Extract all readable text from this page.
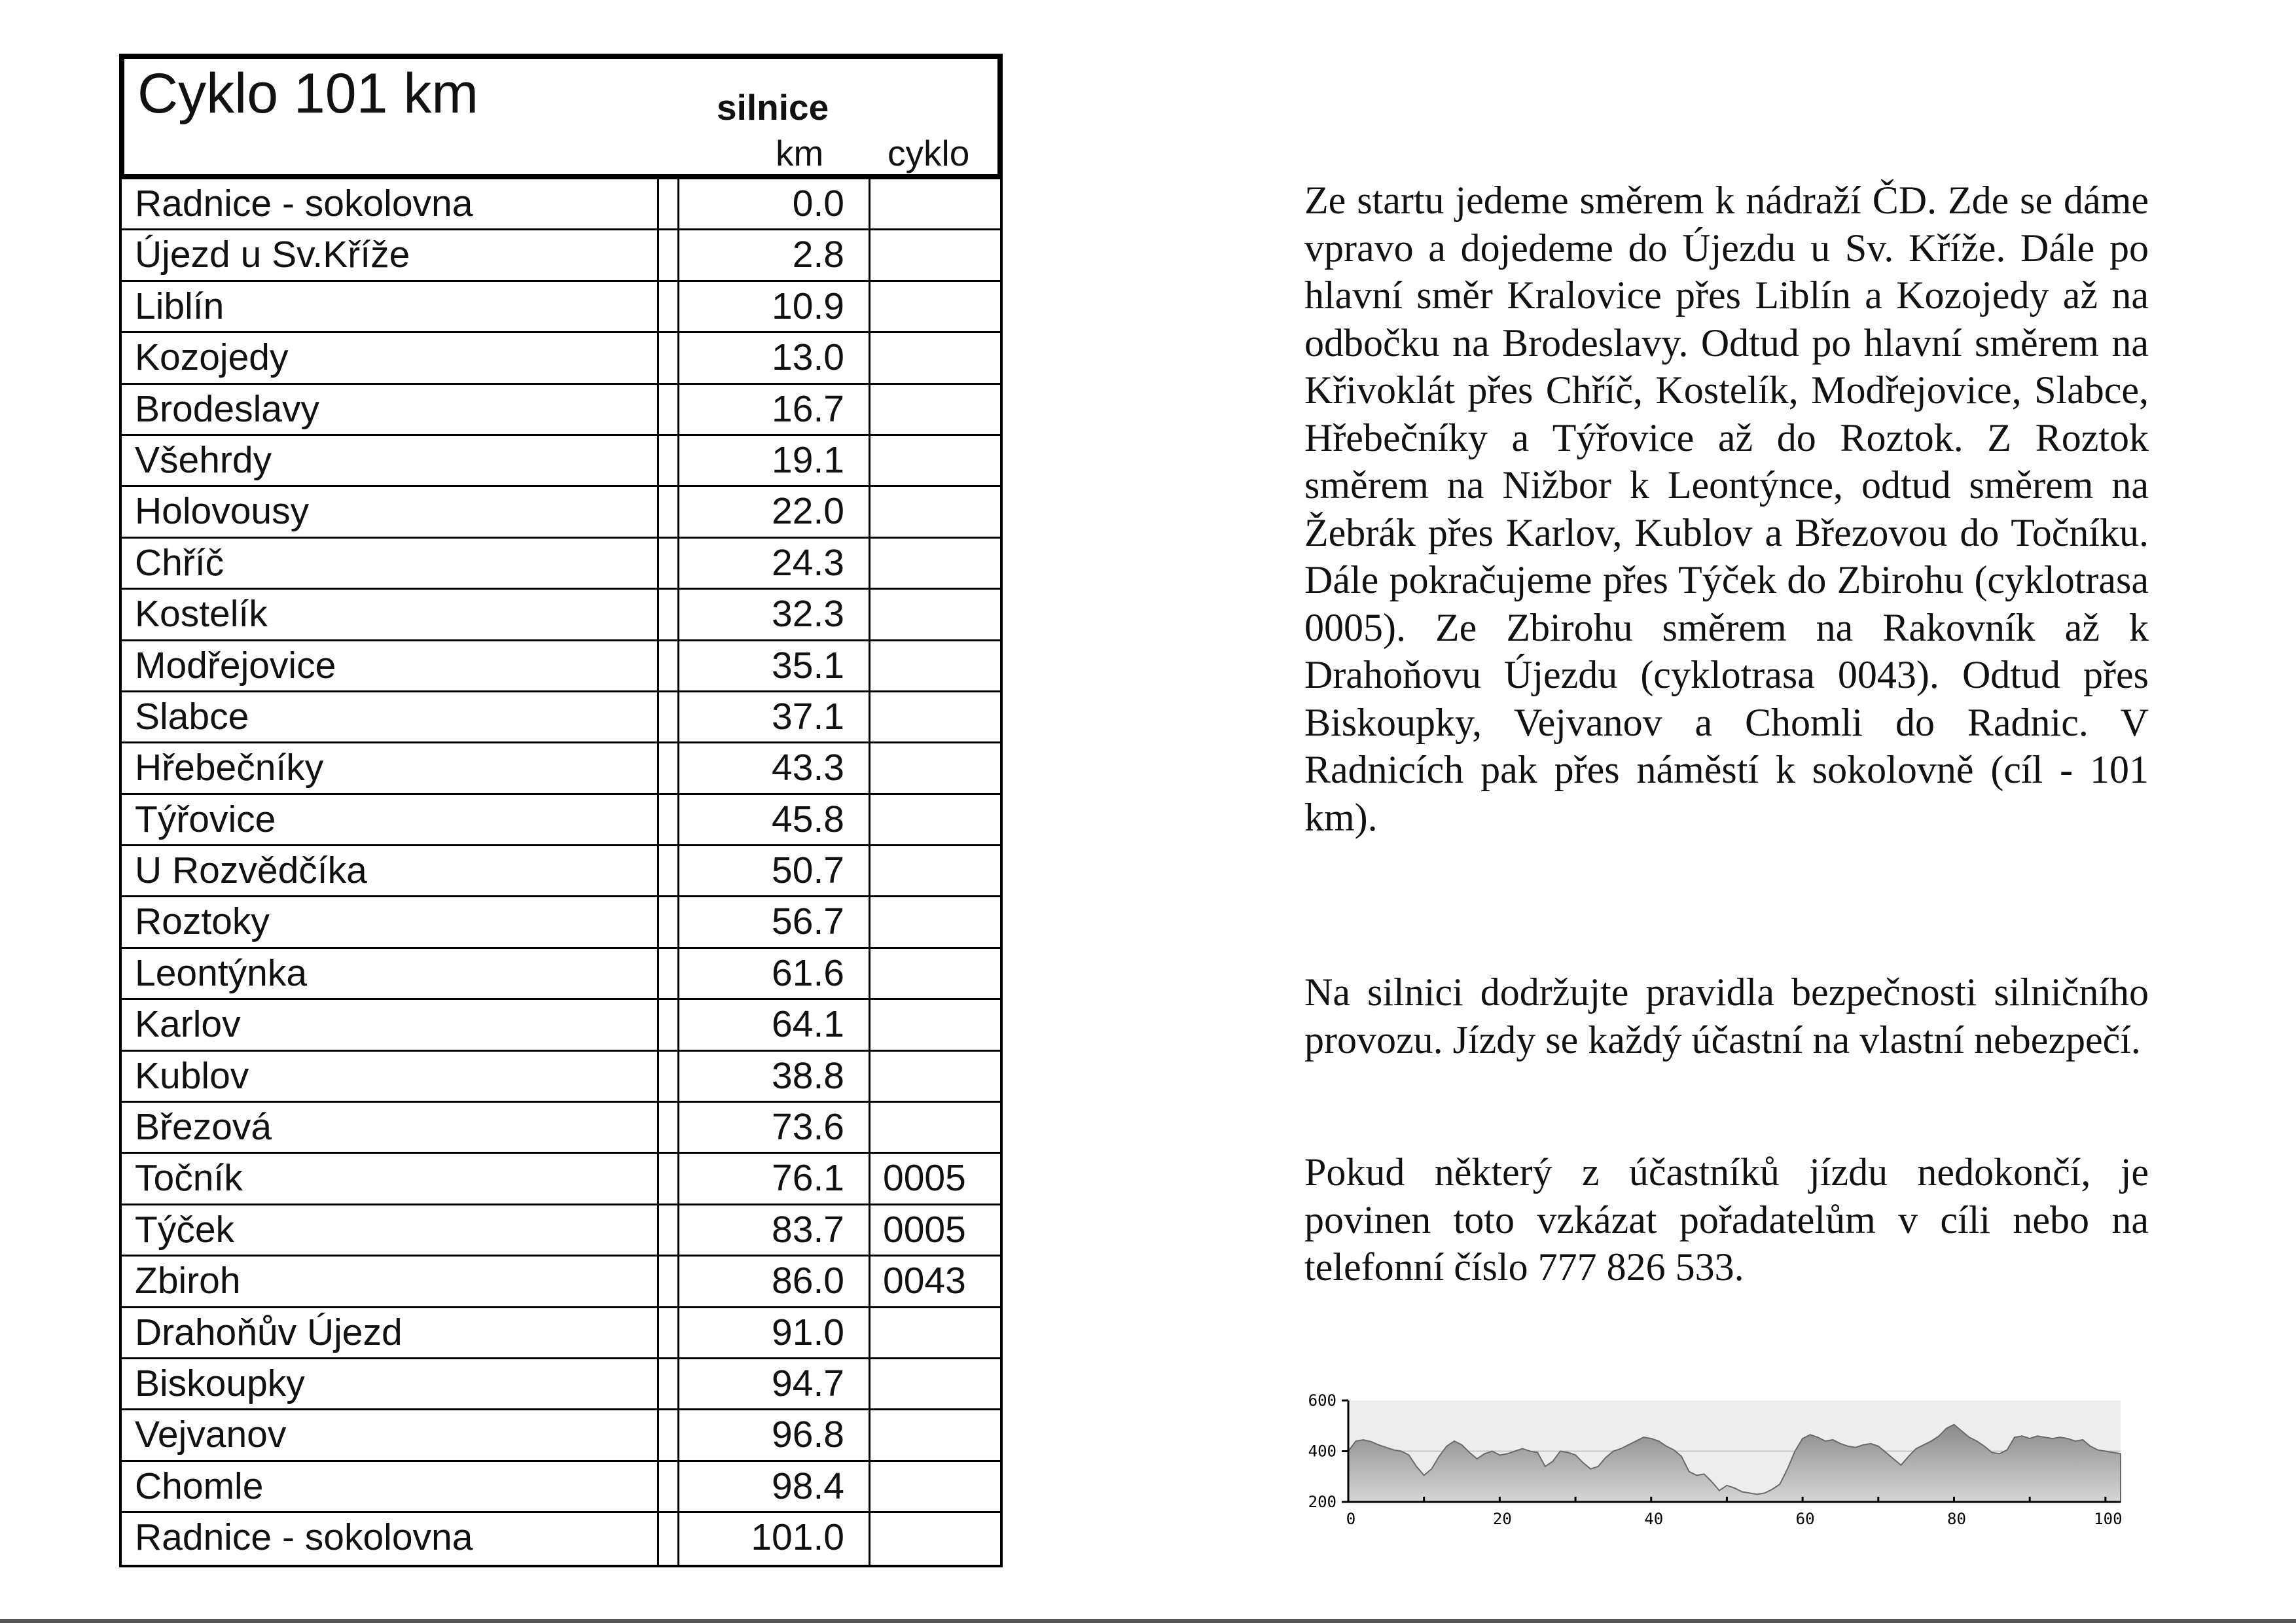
Cyklo 101 km	silnice
km cyklo
Radnice - sokolovna	0.0
Újezd u Sv.Kříže	2.8
Liblín	10.9
Kozojedy	13.0
Brodeslavy	16.7
Všehrdy	19.1
Holovousy	22.0
Chříč	24.3
Kostelík	32.3
Modřejovice	35.1
Slabce	37.1
Hřebečníky	43.3
Týřovice	45.8
U Rozvědčíka	50.7
Roztoky	56.7
Leontýnka	61.6
Karlov	64.1
Kublov	38.8
Březová	73.6
Točník	76.1	0005
Týček	83.7	0005
Zbiroh	86.0	0043
Drahoňův Újezd	91.0
Biskoupky	94.7
Vejvanov	96.8
Chomle	98.4
Radnice - sokolovna	101.0
Ze startu jedeme směrem k nádraží ČD. Zde se dáme vpravo a dojedeme do Újezdu u Sv. Kříže. Dále po hlavní směr Kralovice přes Liblín a Kozojedy až na odbočku na Brodeslavy. Odtud po hlavní směrem na Křivoklát přes Chříč, Kostelík, Modřejovice, Slabce, Hřebečníky a Týřovice až do Roztok. Z Roztok směrem na Nižbor k Leontýnce, odtud směrem na Žebrák přes Karlov, Kublov a Březovou do Točníku. Dále pokračujeme přes Týček do Zbirohu (cyklotrasa 0005). Ze Zbirohu směrem na Rakovník až k Drahoňovu Újezdu (cyklotrasa 0043). Odtud přes Biskoupky, Vejvanov a Chomli do Radnic. V Radnicích pak přes náměstí k sokolovně (cíl - 101 km).
Na silnici dodržujte pravidla bezpečnosti silničního provozu. Jízdy se každý účastní na vlastní nebezpečí.
Pokud některý z účastníků jízdu nedokončí, je povinen toto vzkázat pořadatelům v cíli nebo na telefonní číslo 777 826 533.
200
400
600
0	20	40	60	80	100
